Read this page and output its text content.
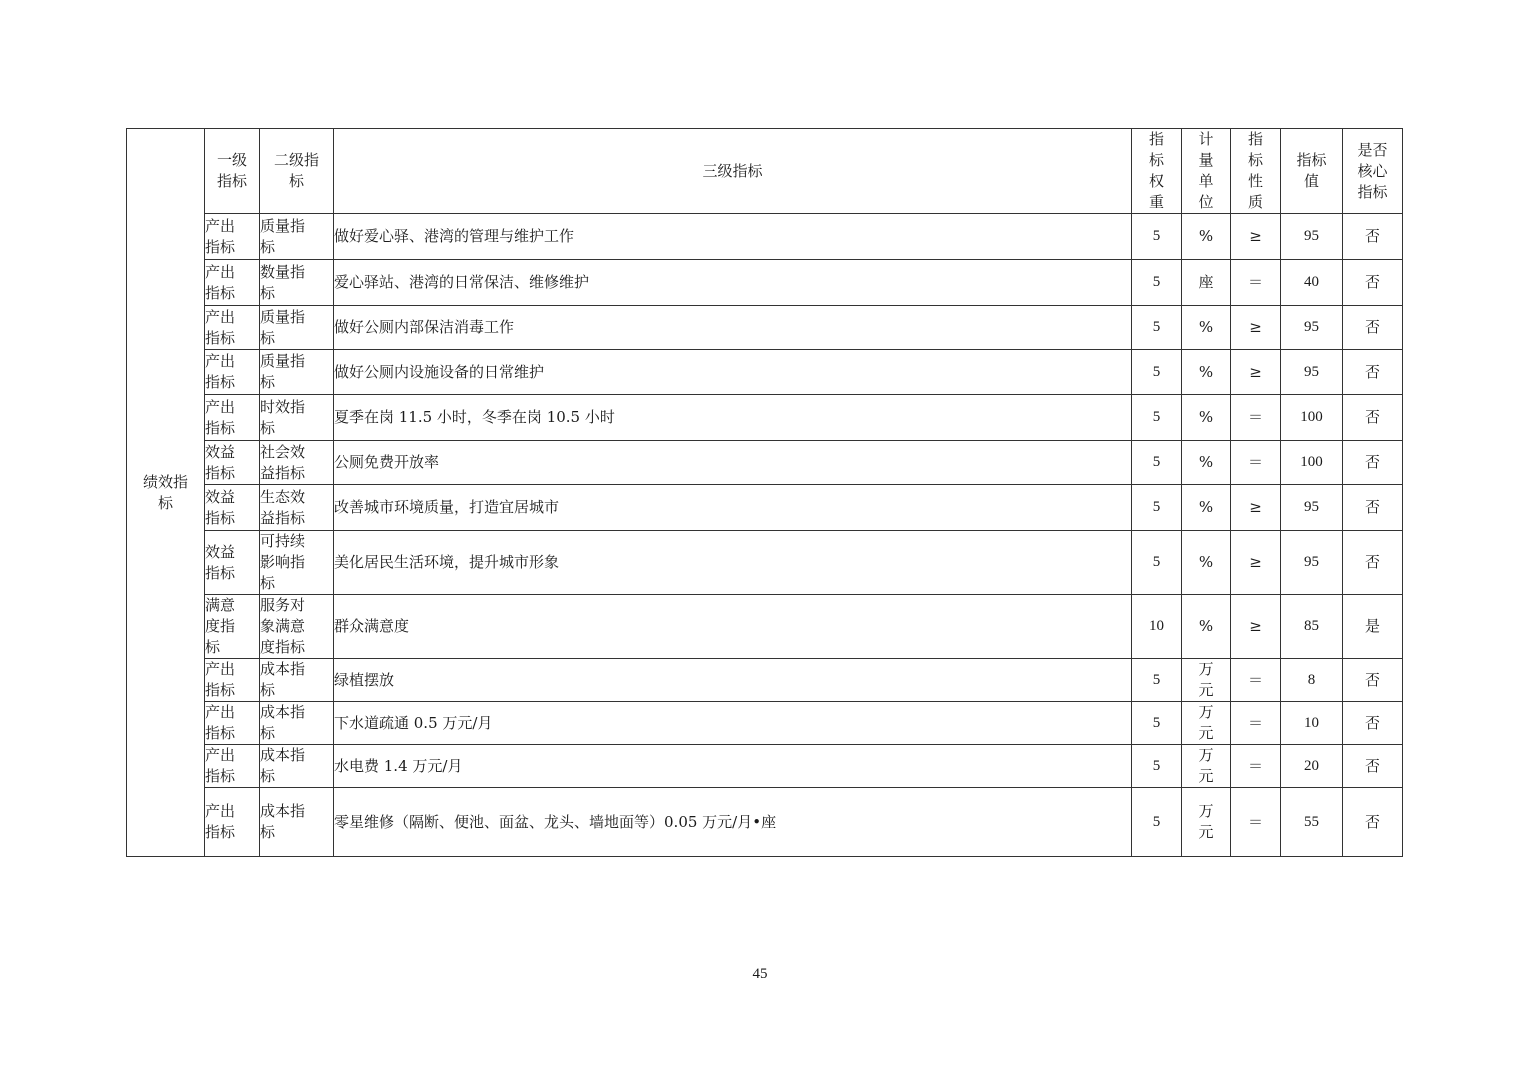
绩效指标	一级指标	二级指标	三级指标	指标权重	计量单位	指标性质	指标值	是否核心指标

	产出指标	质量指标	做好爱心驿、港湾的管理与维护工作	5	%	≥	95	否

	产出指标	数量指标	爱心驿站、港湾的日常保洁、维修维护	5	座	＝	40	否

	产出指标	质量指标	做好公厕内部保洁消毒工作	5	%	≥	95	否

	产出指标	质量指标	做好公厕内设施设备的日常维护	5	%	≥	95	否

	产出指标	时效指标	夏季在岗 11.5 小时，冬季在岗 10.5 小时	5	%	＝	100	否

	效益指标	社会效益指标	公厕免费开放率	5	%	＝	100	否

	效益指标	生态效益指标	改善城市环境质量，打造宜居城市	5	%	≥	95	否

	效益指标	可持续影响指标	美化居民生活环境，提升城市形象	5	%	≥	95	否

	满意度指标	服务对象满意度指标	群众满意度	10	%	≥	85	是

	产出指标	成本指标	绿植摆放	5	万元	＝	8	否

	产出指标	成本指标	下水道疏通 0.5 万元/月	5	万元	＝	10	否

	产出指标	成本指标	水电费 1.4 万元/月	5	万元	＝	20	否

	产出指标	成本指标	零星维修（隔断、便池、面盆、龙头、墙地面等）0.05 万元/月•座	5	万元	＝	55	否
45
